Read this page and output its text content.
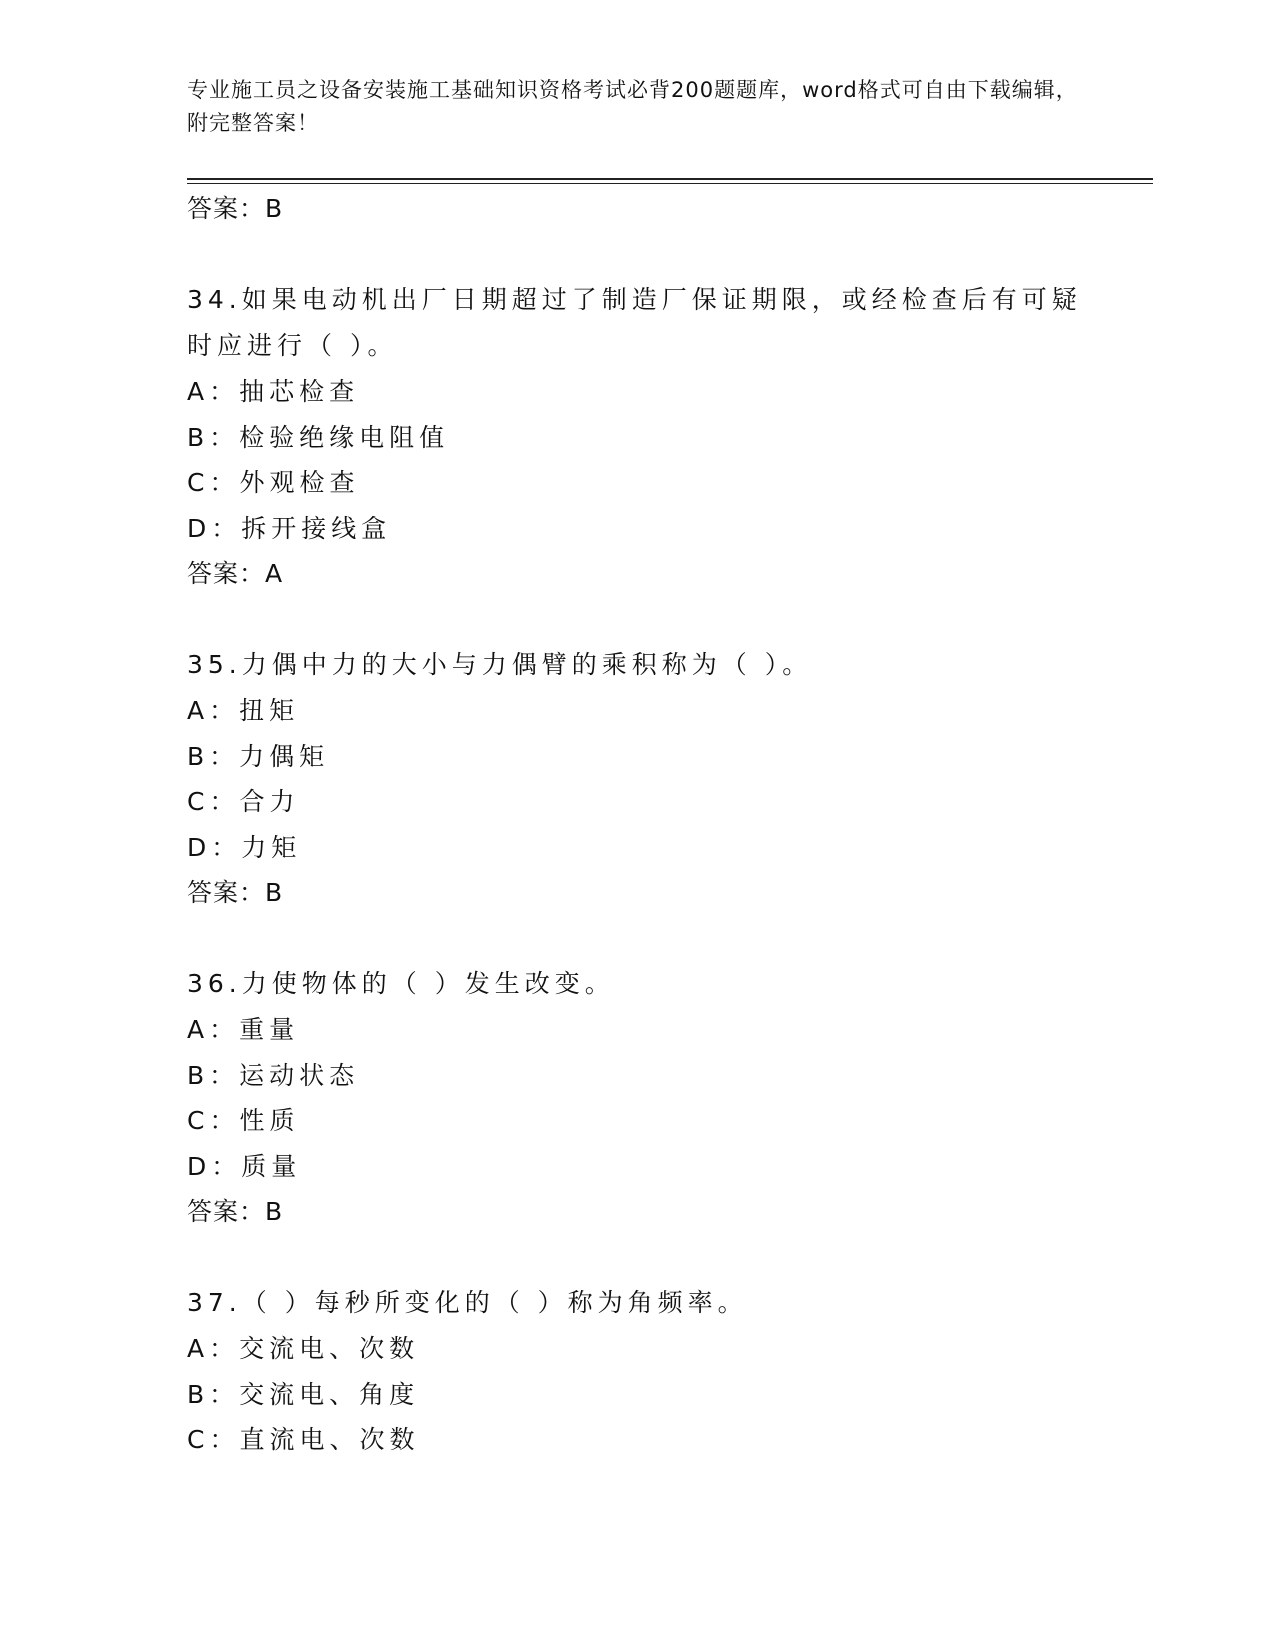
专业施工员之设备安装施工基础知识资格考试必背200题题库，word格式可自由下载编辑，附完整答案！
答案：B
34.如果电动机出厂日期超过了制造厂保证期限，或经检查后有可疑时应进行（ ）。
A：抽芯检查
B：检验绝缘电阻值
C：外观检查
D：拆开接线盒
答案：A
35.力偶中力的大小与力偶臂的乘积称为（ ）。
A：扭矩
B：力偶矩
C：合力
D：力矩
答案：B
36.力使物体的（ ）发生改变。
A：重量
B：运动状态
C：性质
D：质量
答案：B
37.（ ）每秒所变化的（ ）称为角频率。
A：交流电、次数
B：交流电、角度
C：直流电、次数
